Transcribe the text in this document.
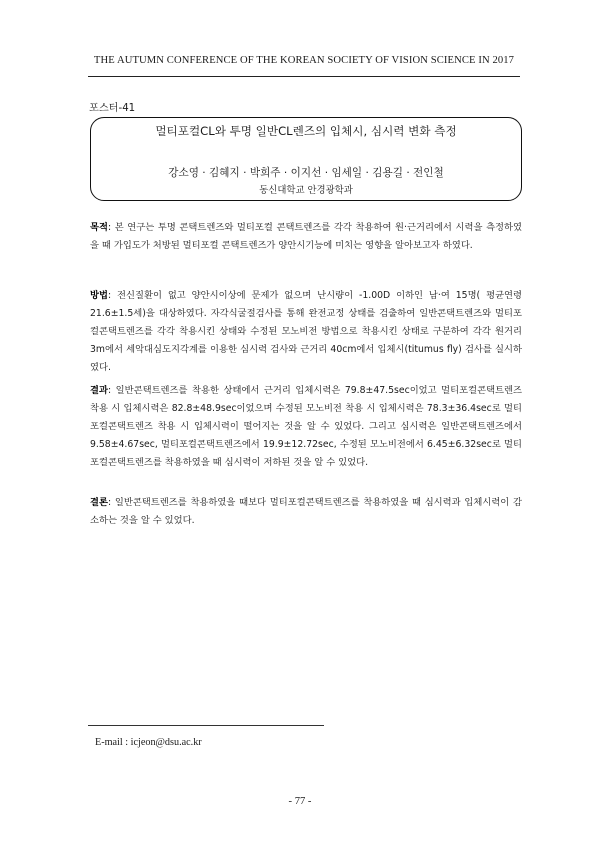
THE AUTUMN CONFERENCE OF THE KOREAN SOCIETY OF VISION SCIENCE IN 2017
포스터-41
멀티포컬CL와 투명 일반CL렌즈의 입체시, 심시력 변화 측정
강소영 · 김혜지 · 박희주 · 이지선 · 임세일 · 김용길 · 전인철
동신대학교 안경광학과

목적: 본 연구는 투명 콘택트렌즈와 멀티포컬 콘택트렌즈를 각각 착용하여 원·근거리에서 시력을 측정하였을 때 가입도가 처방된 멀티포컬 콘택트렌즈가 양안시기능에 미치는 영향을 알아보고자 하였다.

방법: 전신질환이 없고 양안시이상에 문제가 없으며 난시량이 -1.00D 이하인 남·여 15명( 평균연령 21.6±1.5세)을 대상하였다. 자각식굴절검사를 통해 완전교정 상태를 검출하여 일반콘택트렌즈와 멀티포컬콘택트렌즈를 각각 착용시킨 상태와 수정된 모노비전 방법으로 착용시킨 상태로 구분하여 각각 원거리 3m에서 세악대심도지각계를 이용한 심시력 검사와 근거리 40cm에서 입체시(titumus fly) 검사를 실시하였다.

결과: 일반콘택트렌즈를 착용한 상태에서 근거리 입체시력은 79.8±47.5sec이었고 멀티포컬콘택트렌즈 착용 시 입체시력은 82.8±48.9sec이었으며 수정된 모노비전 착용 시 입체시력은 78.3±36.4sec로 멀티포컬콘택트렌즈 착용 시 입체시력이 떨어지는 것을 알 수 있었다. 그리고 심시력은 일반콘택트렌즈에서 9.58±4.67sec, 멀티포컬콘택트렌즈에서 19.9±12.72sec, 수정된 모노비전에서 6.45±6.32sec로 멀티포컬콘택트렌즈를 착용하였을 때 심시력이 저하된 것을 알 수 있었다.

결론: 일반콘택트렌즈를 착용하였을 때보다 멀티포컬콘택트렌즈를 착용하였을 때 심시력과 입체시력이 감소하는 것을 알 수 있었다.

E-mail : icjeon@dsu.ac.kr
- 77 -
